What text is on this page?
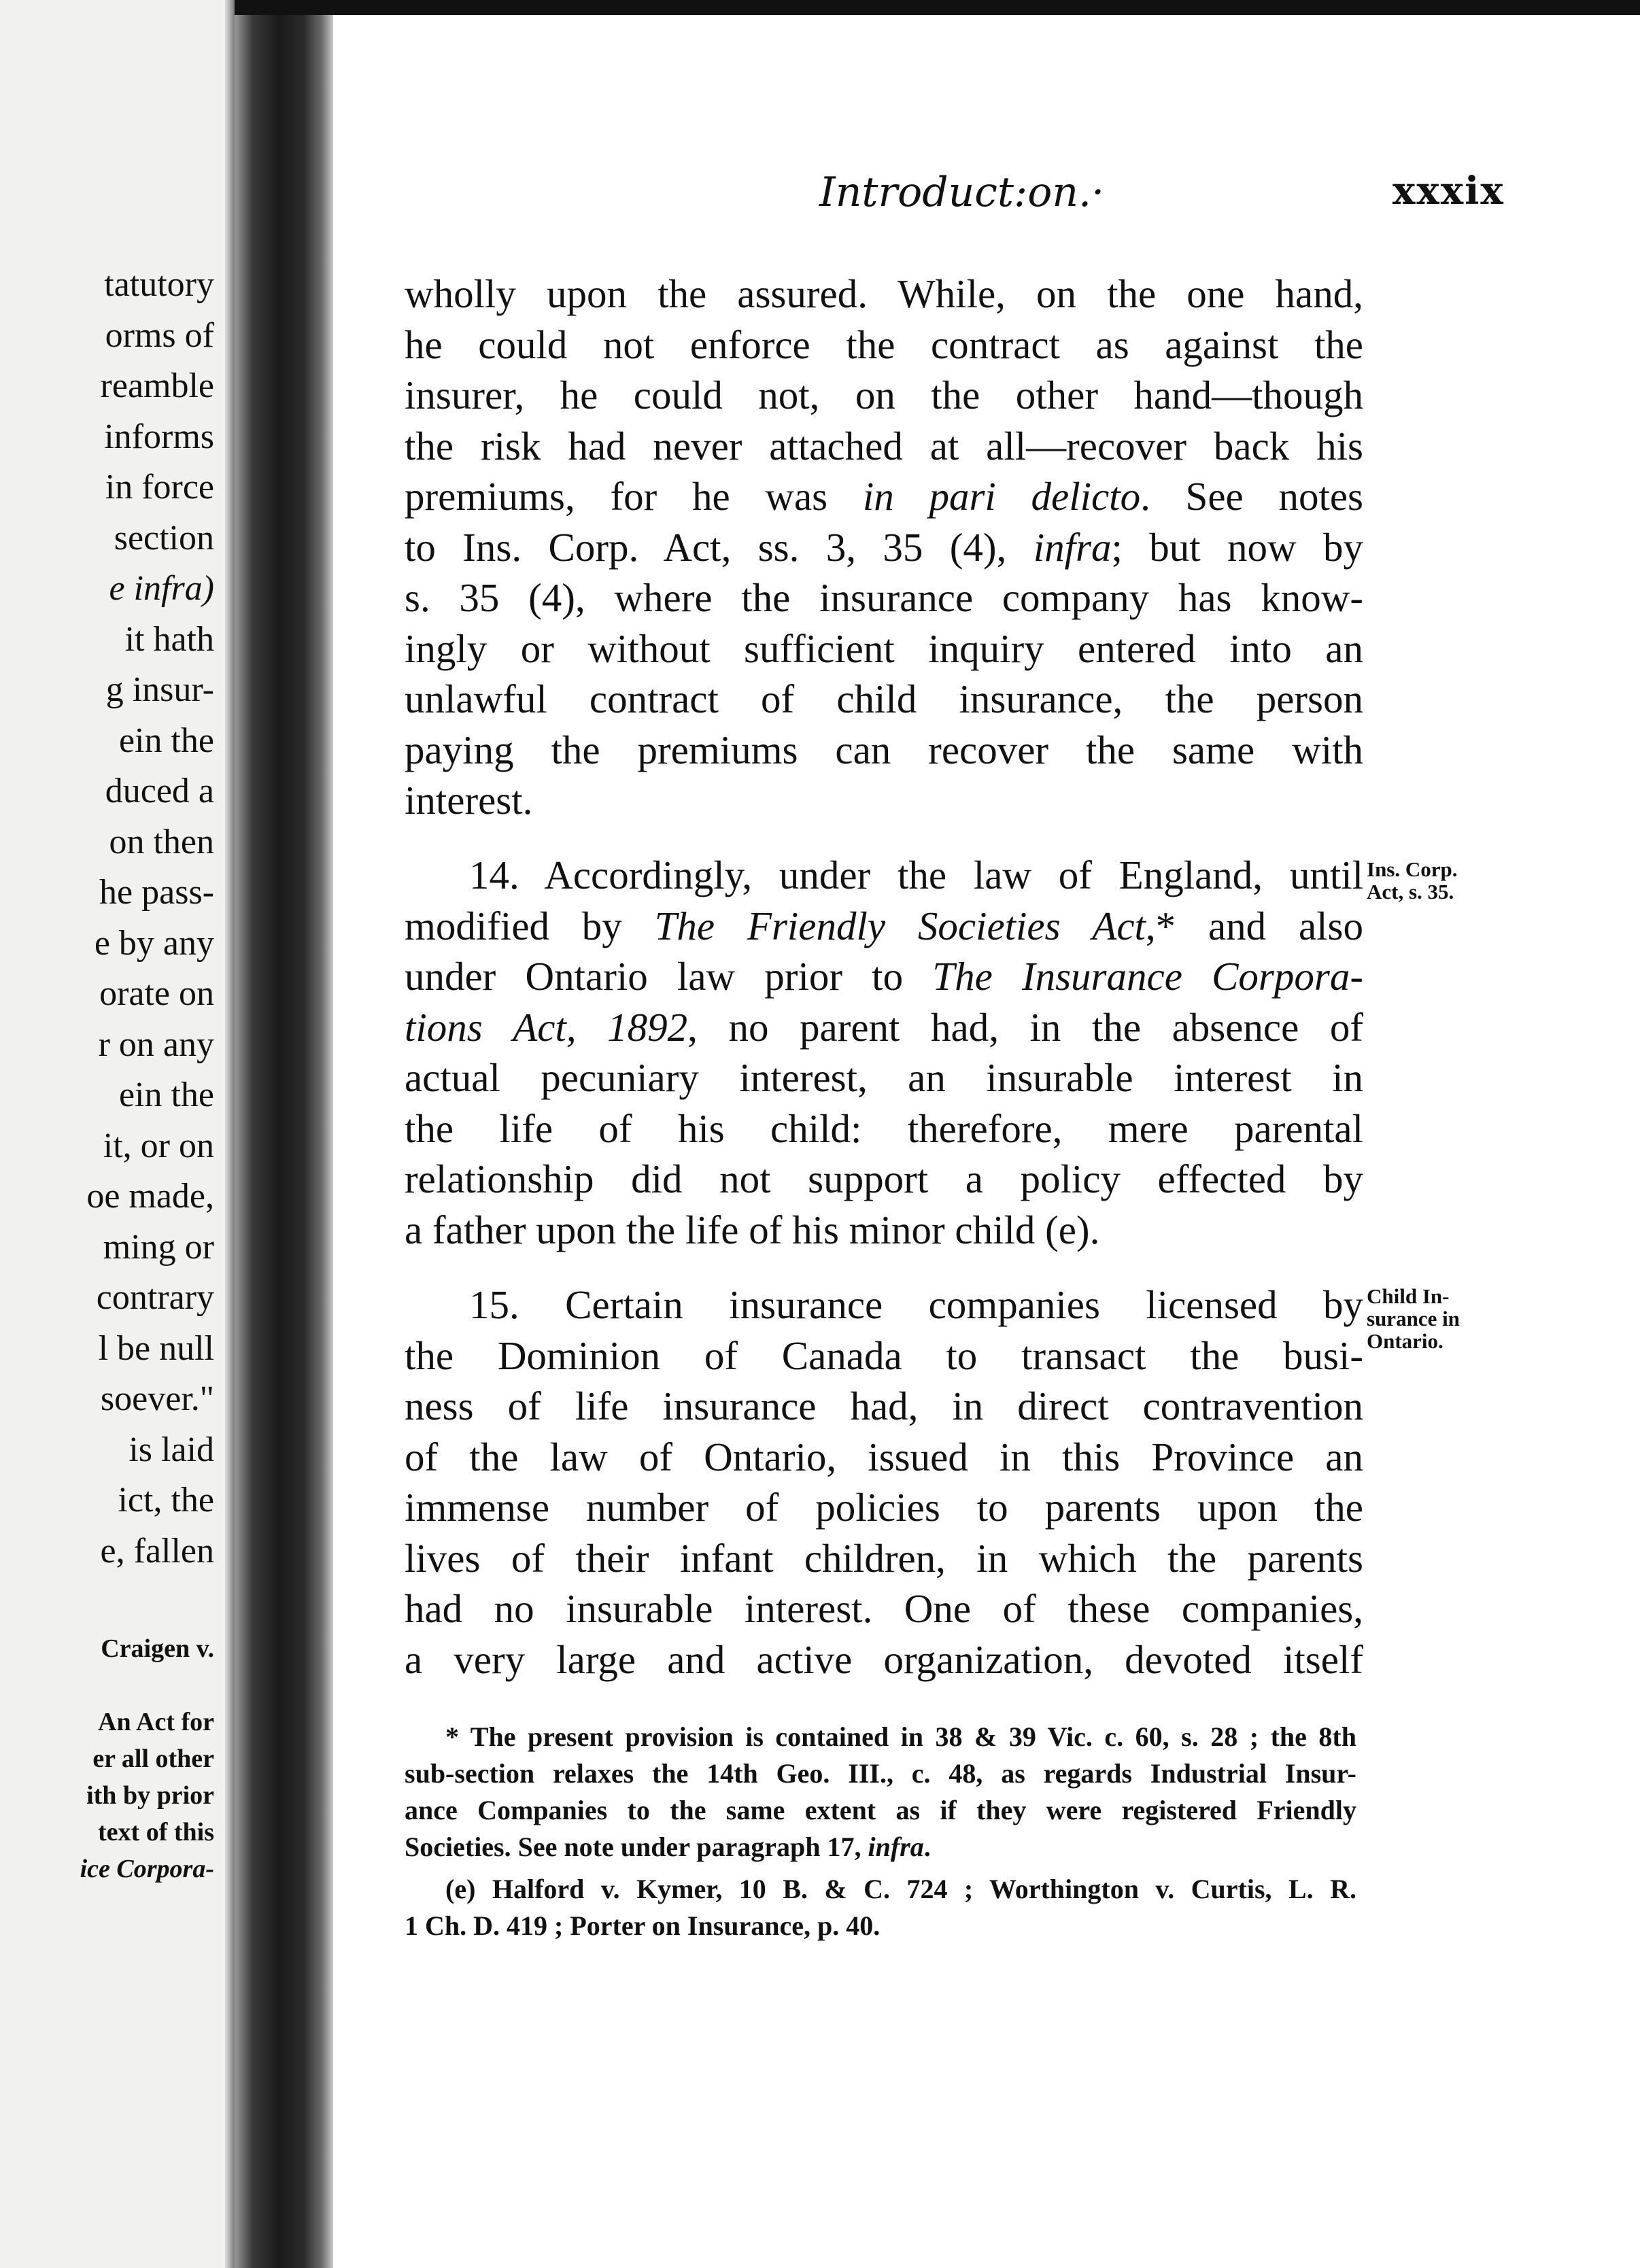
tatutory
orms of
reamble
informs
in force
section
e infra)
it hath
g insur-
ein the
duced a
on then
he pass-
e by any
orate on
r on any
ein the
it, or on
oe made,
ming or
contrary
l be null
soever."
is laid
ict, the
e, fallen
Craigen v.
An Act for
er all other
ith by prior
text of this
ice Corpora-
Introduct:on.·	xxxix
wholly upon the assured. While, on the one hand,
he could not enforce the contract as against the
insurer, he could not, on the other hand—though
the risk had never attached at all—recover back his
premiums, for he was in pari delicto. See notes
to Ins. Corp. Act, ss. 3, 35 (4), infra; but now by
s. 35 (4), where the insurance company has know-
ingly or without sufficient inquiry entered into an
unlawful contract of child insurance, the person
paying the premiums can recover the same with
interest.
14. Accordingly, under the law of England, until
modified by The Friendly Societies Act,* and also
under Ontario law prior to The Insurance Corpora-
tions Act, 1892, no parent had, in the absence of
actual pecuniary interest, an insurable interest in
the life of his child: therefore, mere parental
relationship did not support a policy effected by
a father upon the life of his minor child (e).
Ins. Corp.
Act, s. 35.
15. Certain insurance companies licensed by
the Dominion of Canada to transact the busi-
ness of life insurance had, in direct contravention
of the law of Ontario, issued in this Province an
immense number of policies to parents upon the
lives of their infant children, in which the parents
had no insurable interest. One of these companies,
a very large and active organization, devoted itself
Child In-
surance in
Ontario.
* The present provision is contained in 38 & 39 Vic. c. 60, s. 28 ; the 8th
sub-section relaxes the 14th Geo. III., c. 48, as regards Industrial Insur-
ance Companies to the same extent as if they were registered Friendly
Societies. See note under paragraph 17, infra.
(e) Halford v. Kymer, 10 B. & C. 724 ; Worthington v. Curtis, L. R.
1 Ch. D. 419 ; Porter on Insurance, p. 40.
